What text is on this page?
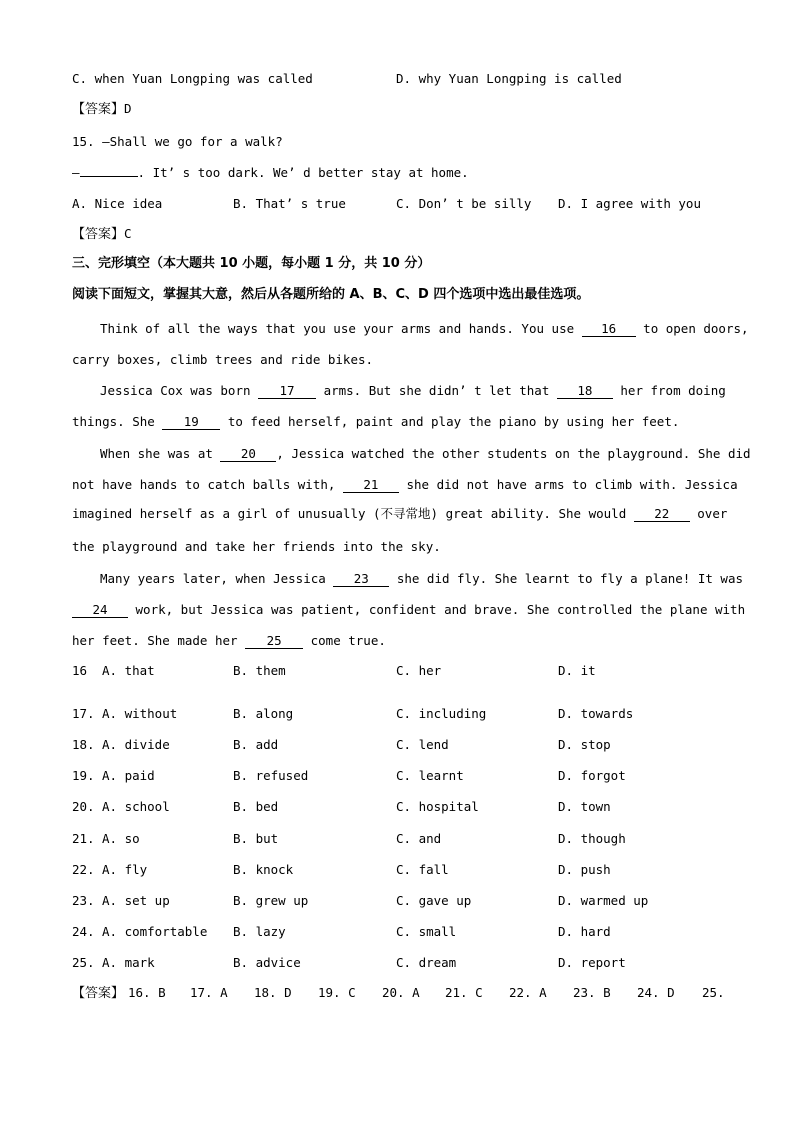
C. when Yuan Longping was called	D. why Yuan Longping is called
【答案】D
15. —Shall we go for a walk?
—	. It’ s too dark. We’ d better stay at home.
A. Nice idea	B. That’ s true	C. Don’ t be silly D. I agree with you
【答案】C
三、完形填空（本大题共 10 小题，每小题 1 分，共 10 分）
阅读下面短文，掌握其大意，然后从各题所给的 A、B、C、D 四个选项中选出最佳选项。
Think of all the ways that you use your arms and hands. You use 16 to open doors,
carry boxes, climb trees and ride bikes.
Jessica Cox was born 17 arms. But she didn’ t let that 18 her from doing
things. She 19 to feed herself, paint and play the piano by using her feet.
When she was at 20 , Jessica watched the other students on the playground. She did
not have hands to catch balls with, 21 she did not have arms to climb with. Jessica
imagined herself as a girl of unusually (不寻常地) great ability. She would 22 over
the playground and take her friends into the sky.
Many years later, when Jessica 23 she did fly. She learnt to fly a plane! It was
24 work, but Jessica was patient, confident and brave. She controlled the plane with
her feet. She made her 25 come true.
16 A. that	B. them	C. her	D. it
17. A. without	B. along	C. including	D. towards
18. A. divide	B. add	C. lend	D. stop
19. A. paid	B. refused	C. learnt	D. forgot
20. A. school	B. bed	C. hospital	D. town
21. A. so	B. but	C. and	D. though
22. A. fly	B. knock	C. fall	D. push
23. A. set up	B. grew up	C. gave up	D. warmed up
24. A. comfortable B. lazy	C. small	D. hard
25. A. mark	B. advice	C. dream	D. report
【答案】 16. B 17. A 18. D 19. C 20. A 21. C 22. A 23. B 24. D 25.
